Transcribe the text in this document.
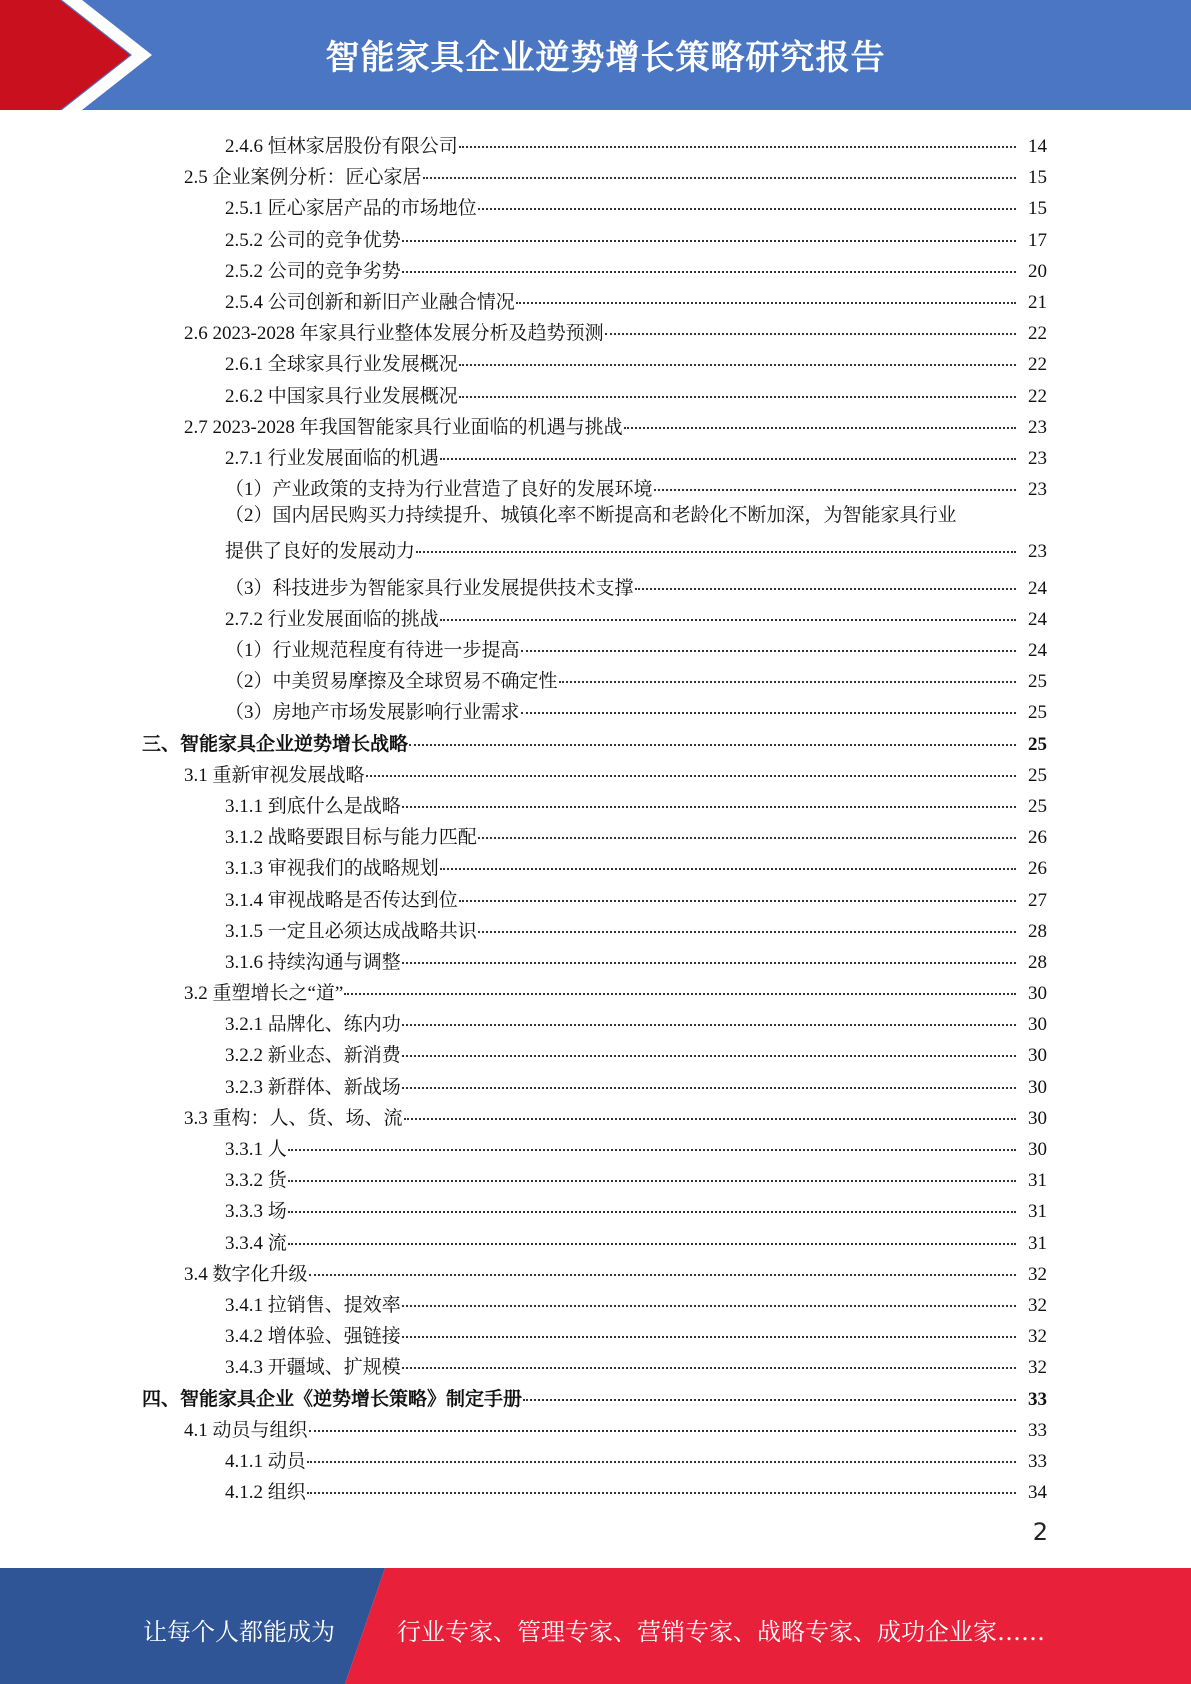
智能家具企业逆势增长策略研究报告
2.4.6 恒林家居股份有限公司	14
2.5 企业案例分析：匠心家居	15
2.5.1 匠心家居产品的市场地位	15
2.5.2 公司的竞争优势	17
2.5.2 公司的竞争劣势	20
2.5.4 公司创新和新旧产业融合情况	21
2.6 2023-2028 年家具行业整体发展分析及趋势预测	22
2.6.1 全球家具行业发展概况	22
2.6.2 中国家具行业发展概况	22
2.7 2023-2028 年我国智能家具行业面临的机遇与挑战	23
2.7.1 行业发展面临的机遇	23
（1）产业政策的支持为行业营造了良好的发展环境	23
（2）国内居民购买力持续提升、城镇化率不断提高和老龄化不断加深，为智能家具行业
提供了良好的发展动力	23
（3）科技进步为智能家具行业发展提供技术支撑	24
2.7.2 行业发展面临的挑战	24
（1）行业规范程度有待进一步提高	24
（2）中美贸易摩擦及全球贸易不确定性	25
（3）房地产市场发展影响行业需求	25
三、智能家具企业逆势增长战略	25
3.1 重新审视发展战略	25
3.1.1 到底什么是战略	25
3.1.2 战略要跟目标与能力匹配	26
3.1.3 审视我们的战略规划	26
3.1.4 审视战略是否传达到位	27
3.1.5 一定且必须达成战略共识	28
3.1.6 持续沟通与调整	28
3.2 重塑增长之“道”	30
3.2.1 品牌化、练内功	30
3.2.2 新业态、新消费	30
3.2.3 新群体、新战场	30
3.3 重构：人、货、场、流	30
3.3.1 人	30
3.3.2 货	31
3.3.3 场	31
3.3.4 流	31
3.4 数字化升级	32
3.4.1 拉销售、提效率	32
3.4.2 增体验、强链接	32
3.4.3 开疆域、扩规模	32
四、智能家具企业《逆势增长策略》制定手册	33
4.1 动员与组织	33
4.1.1 动员	33
4.1.2 组织	34
2
让每个人都能成为	行业专家、管理专家、营销专家、战略专家、成功企业家……
